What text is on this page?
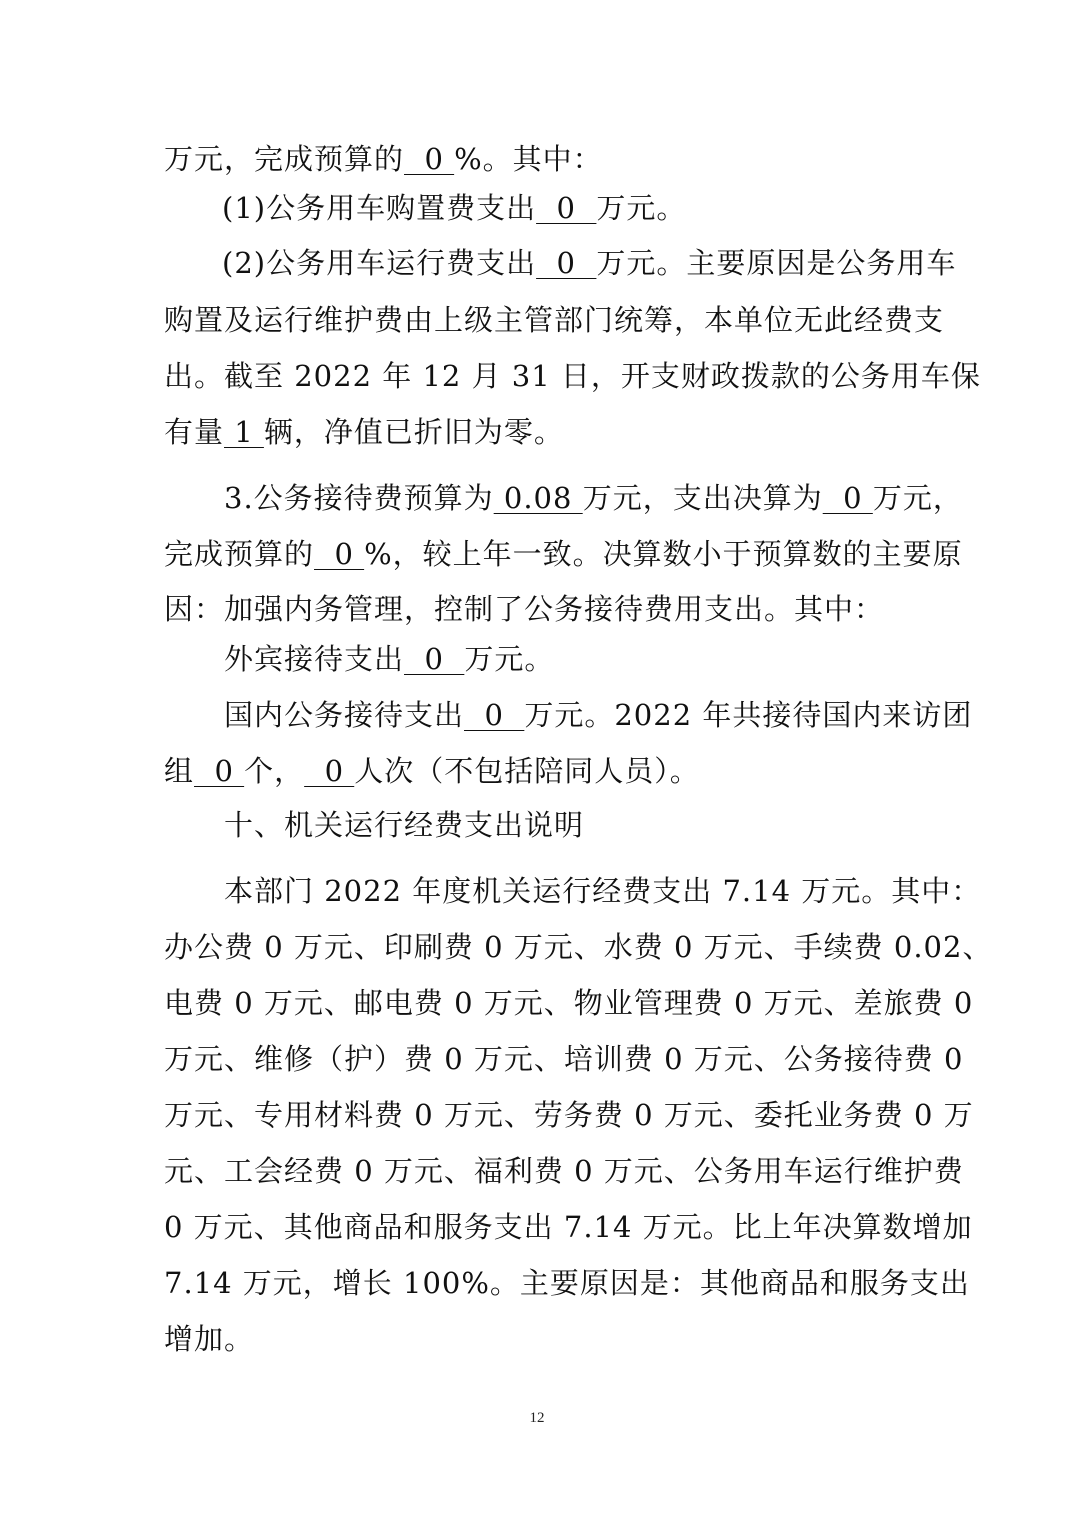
万元，完成预算的  0 %。其中：
(1)公务用车购置费支出  0  万元。
(2)公务用车运行费支出  0  万元。主要原因是公务用车
购置及运行维护费由上级主管部门统筹，本单位无此经费支
出。截至 2022 年 12 月 31 日，开支财政拨款的公务用车保
有量 1 辆，净值已折旧为零。
3.公务接待费预算为 0.08 万元，支出决算为  0 万元，
完成预算的  0 %，较上年一致。决算数小于预算数的主要原
因：加强内务管理，控制了公务接待费用支出。其中：
外宾接待支出  0  万元。
国内公务接待支出  0  万元。2022 年共接待国内来访团
组  0 个，  0 人次（不包括陪同人员）。
十、机关运行经费支出说明
本部门 2022 年度机关运行经费支出 7.14 万元。其中：
办公费 0 万元、印刷费 0 万元、水费 0 万元、手续费 0.02、
电费 0 万元、邮电费 0 万元、物业管理费 0 万元、差旅费 0
万元、维修（护）费 0 万元、培训费 0 万元、公务接待费 0
万元、专用材料费 0 万元、劳务费 0 万元、委托业务费 0 万
元、工会经费 0 万元、福利费 0 万元、公务用车运行维护费
0 万元、其他商品和服务支出 7.14 万元。比上年决算数增加
7.14 万元，增长 100%。主要原因是：其他商品和服务支出
增加。
12
